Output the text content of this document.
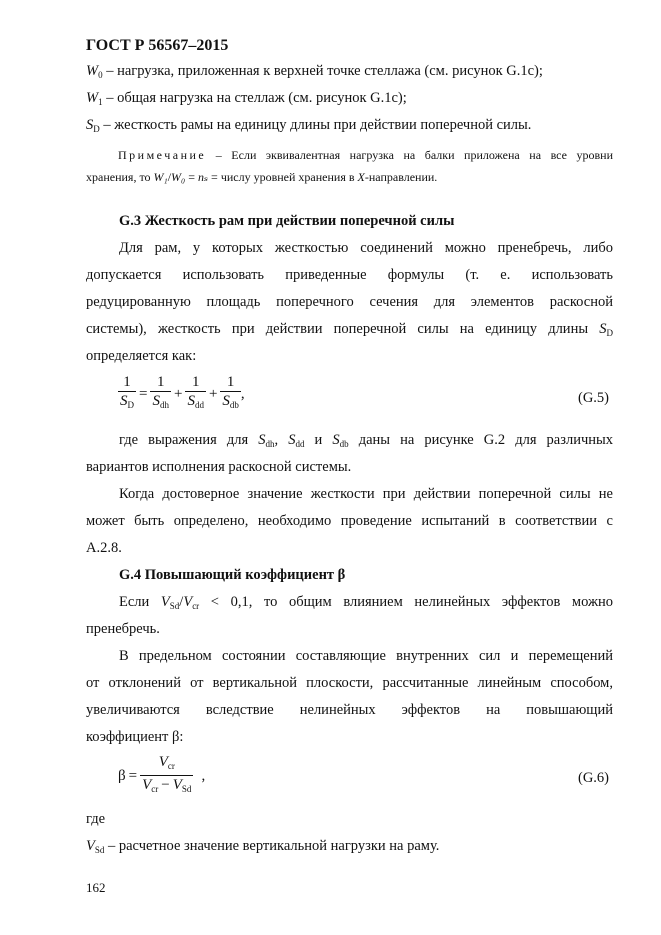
ГОСТ Р 56567–2015
$W_0$ – нагрузка, приложенная к верхней точке стеллажа (см. рисунок G.1с);
$W_1$ – общая нагрузка на стеллаж (см. рисунок G.1с);
$S_D$ – жесткость рамы на единицу длины при действии поперечной силы.
Примечание – Если эквивалентная нагрузка на балки приложена на все уровни
хранения, то W₁/W₀ = nₛ = числу уровней хранения в X-направлении.
G.3 Жесткость рам при действии поперечной силы
Для рам, у которых жесткостью соединений можно пренебречь, либо
допускается использовать приведенные формулы (т. е. использовать
редуцированную площадь поперечного сечения для элементов раскосной
системы), жесткость при действии поперечной силы на единицу длины $S_D$
определяется как:
$\frac{1}{S_D} = \frac{1}{S_{dh}} + \frac{1}{S_{dd}} + \frac{1}{S_{db}}$ ,	(G.5)
где выражения для $S_{dh}$, $S_{dd}$ и $S_{db}$ даны на рисунке G.2 для различных
вариантов исполнения раскосной системы.
Когда достоверное значение жесткости при действии поперечной силы не
может быть определено, необходимо проведение испытаний в соответствии с
А.2.8.
G.4 Повышающий коэффициент β
Если $V_{Sd}/V_{cr} < 0,1$, то общим влиянием нелинейных эффектов можно
пренебречь.
В предельном состоянии составляющие внутренних сил и перемещений
от отклонений от вертикальной плоскости, рассчитанные линейным способом,
увеличиваются вследствие нелинейных эффектов на повышающий
коэффициент β:
$\beta = \frac{V_{cr}}{V_{cr} - V_{Sd}}$ ,	(G.6)
где
$V_{Sd}$ – расчетное значение вертикальной нагрузки на раму.
162
